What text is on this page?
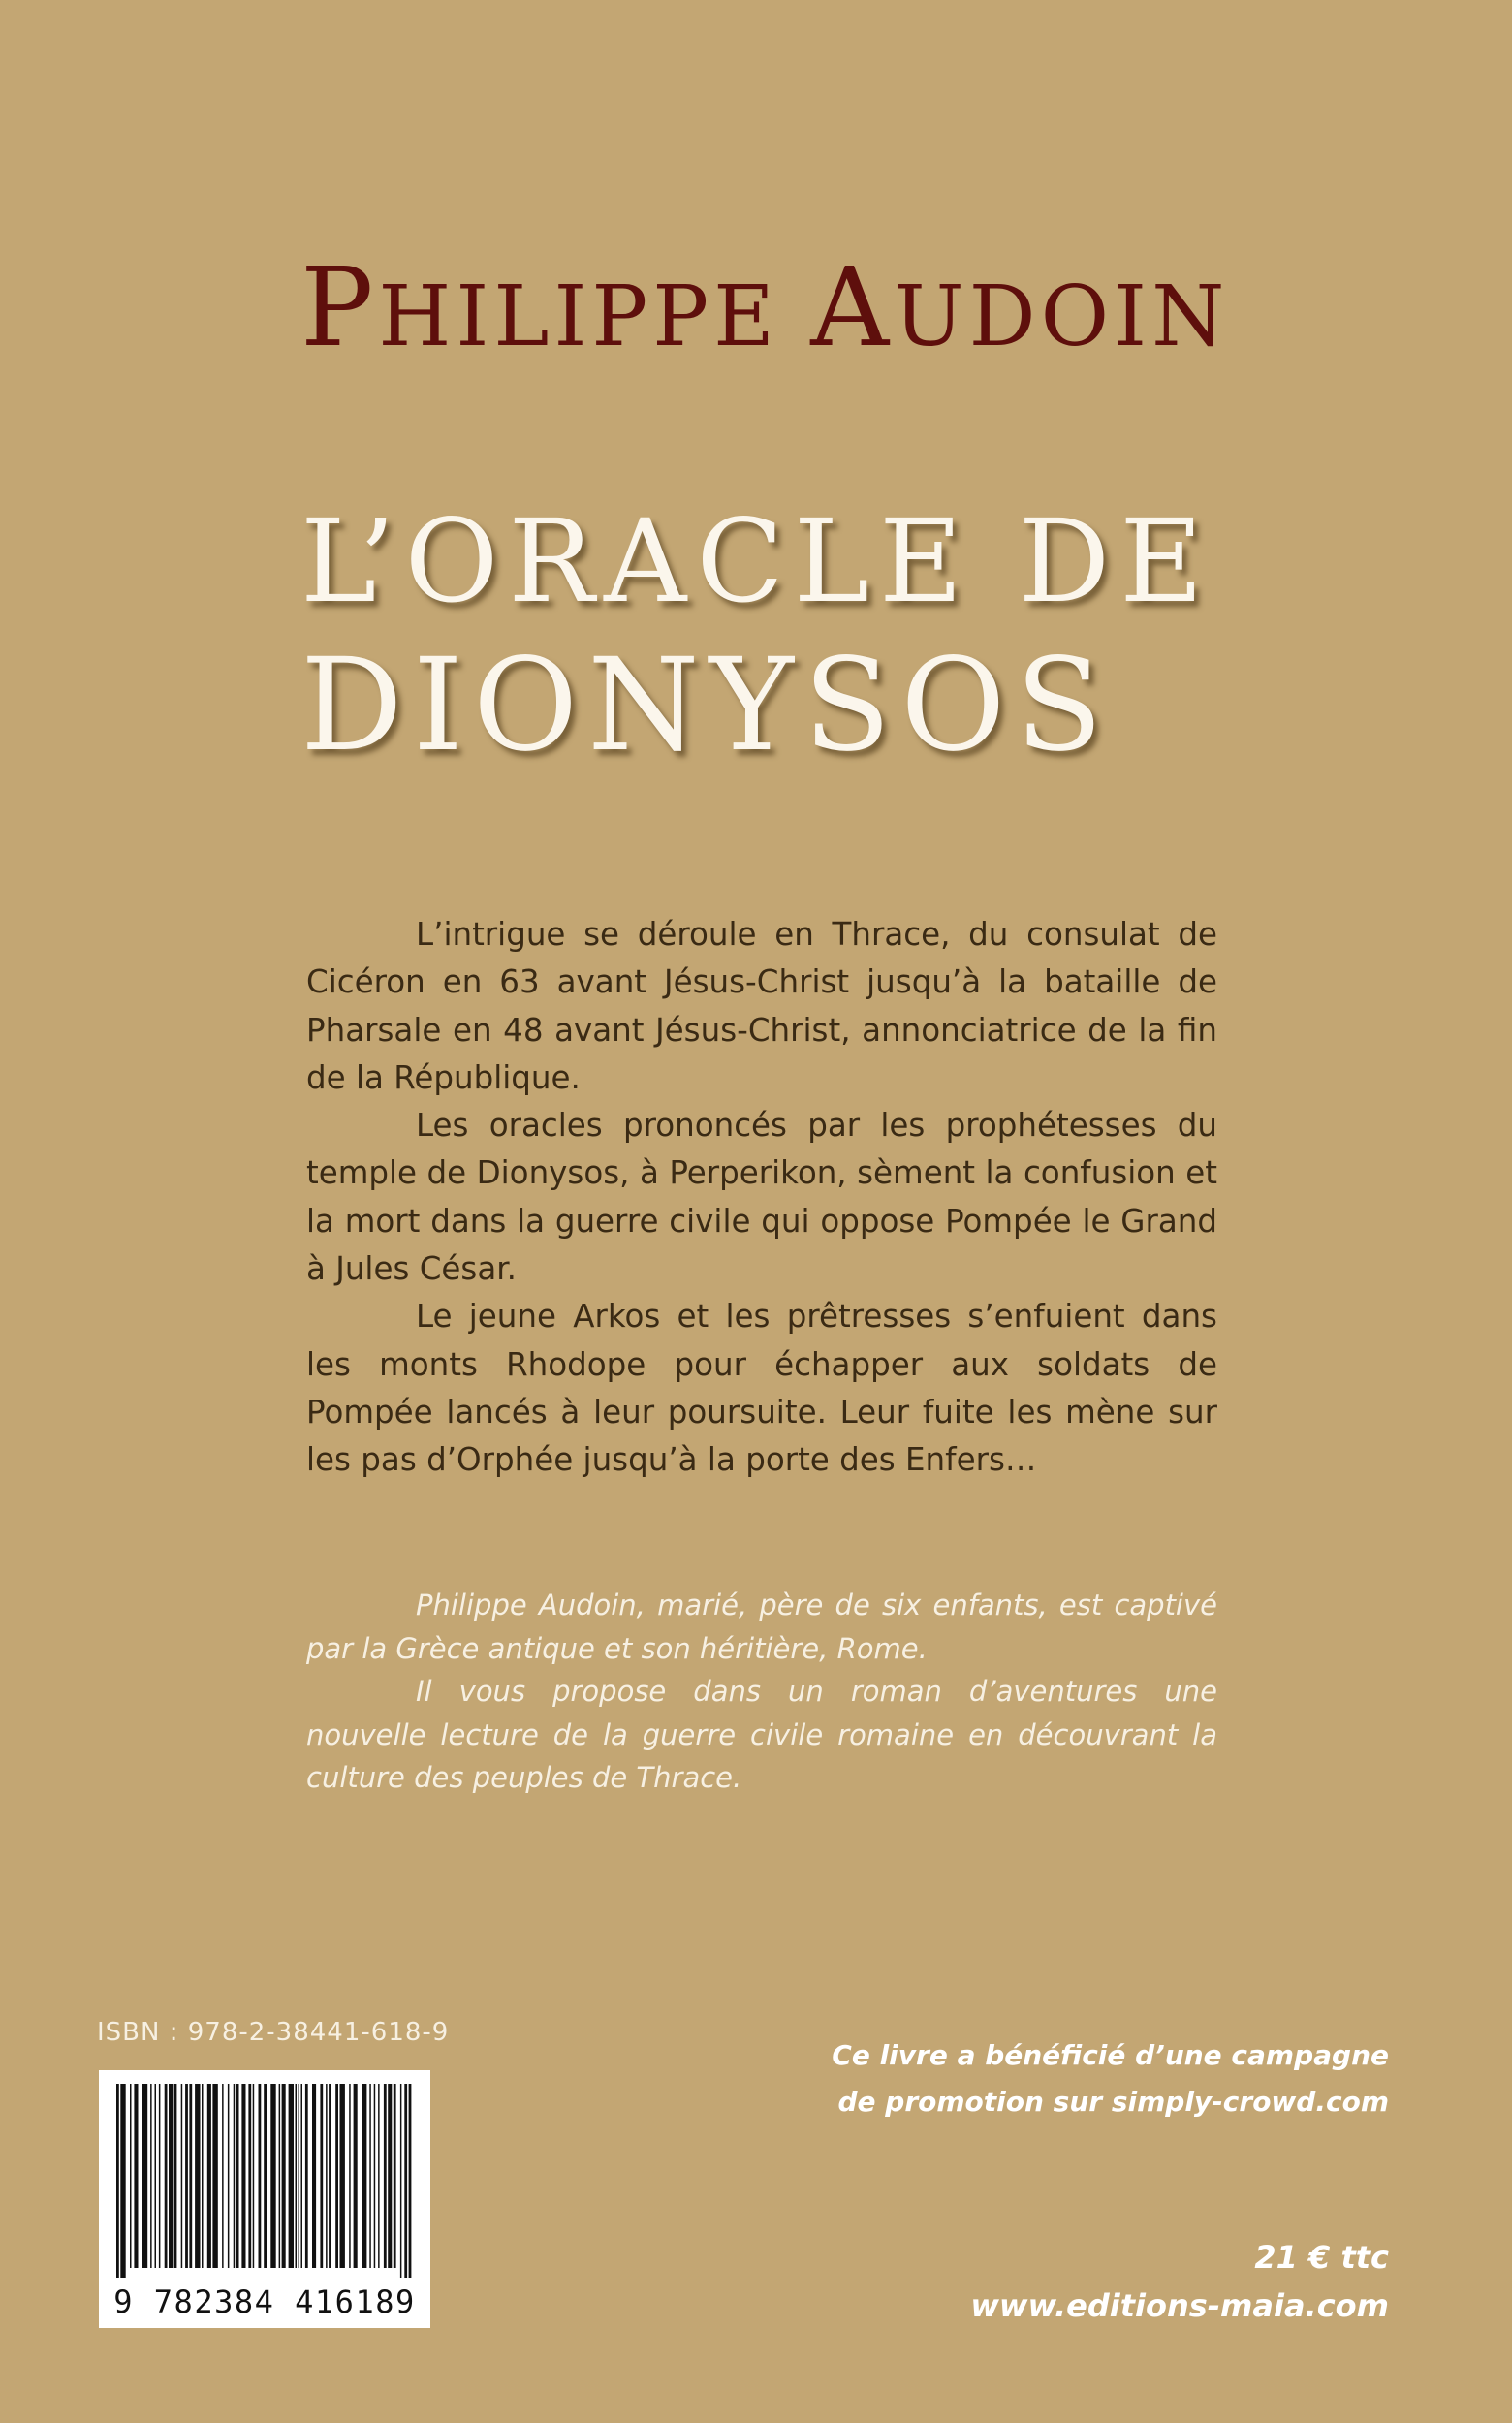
PHILIPPE AUDOIN
L’ORACLE DE
DIONYSOS

L’intrigue se déroule en Thrace, du consulat de Cicéron en 63 avant Jésus-Christ jusqu’à la bataille de Pharsale en 48 avant Jésus-Christ, annonciatrice de la fin de la République.

Les oracles prononcés par les prophétesses du temple de Dionysos, à Perperikon, sèment la confusion et la mort dans la guerre civile qui oppose Pompée le Grand à Jules César.

Le jeune Arkos et les prêtresses s’enfuient dans les monts Rhodope pour échapper aux soldats de Pompée lancés à leur poursuite. Leur fuite les mène sur les pas d’Orphée jusqu’à la porte des Enfers…

Philippe Audoin, marié, père de six enfants, est captivé par la Grèce antique et son héritière, Rome.

Il vous propose dans un roman d’aventures une nouvelle lecture de la guerre civile romaine en découvrant la culture des peuples de Thrace.

ISBN : 978-2-38441-618-9
9 782384 416189
Ce livre a bénéficié d’une campagne
de promotion sur simply-crowd.com
21 € ttc
www.editions-maia.com
